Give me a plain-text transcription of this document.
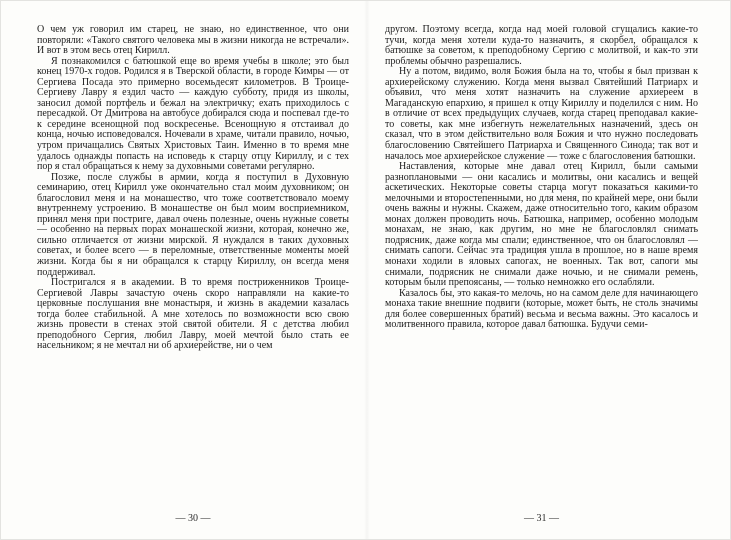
О чем уж говорил им старец, не знаю, но единственное, что они повторяли: «Такого святого человека мы в жизни никогда не встречали». И вот в этом весь отец Кирилл.

Я познакомился с батюшкой еще во время учебы в школе; это был конец 1970-х годов. Родился я в Тверской области, в городе Кимры — от Сергиева Посада это примерно восемьдесят километров. В Троице-Сергиеву Лавру я ездил часто — каждую субботу, придя из школы, заносил домой портфель и бежал на электричку; ехать приходилось с пересадкой. От Дмитрова на автобусе добирался сюда и поспевал где-то к середине всенощной под воскресенье. Всенощную я отстаивал до конца, ночью исповедовался. Ночевали в храме, читали правило, ночью, утром причащались Святых Христовых Таин. Именно в то время мне удалось однажды попасть на исповедь к старцу отцу Кириллу, и с тех пор я стал обращаться к нему за духовными советами регулярно.

Позже, после службы в армии, когда я поступил в Духовную семинарию, отец Кирилл уже окончательно стал моим духовником; он благословил меня и на монашество, что тоже соответствовало моему внутреннему устроению. В монашестве он был моим восприемником, принял меня при постриге, давал очень полезные, очень нужные советы — особенно на первых порах монашеской жизни, которая, конечно же, сильно отличается от жизни мирской. Я нуждался в таких духовных советах, и более всего — в переломные, ответственные моменты моей жизни. Когда бы я ни обращался к старцу Кириллу, он всегда меня поддерживал.

Постригался я в академии. В то время постриженников Троице-Сергиевой Лавры зачастую очень скоро направляли на какие-то церковные послушания вне монастыря, и жизнь в академии казалась тогда более стабильной. А мне хотелось по возможности всю свою жизнь провести в стенах этой святой обители. Я с детства любил преподобного Сергия, любил Лавру, моей мечтой было стать ее насельником; я не мечтал ни об архиерействе, ни о чем

— 30 —

другом. Поэтому всегда, когда над моей головой сгущались какие-то тучи, когда меня хотели куда-то назначить, я скорбел, обращался к батюшке за советом, к преподобному Сергию с молитвой, и как-то эти проблемы обычно разрешались.

Ну а потом, видимо, воля Божия была на то, чтобы я был призван к архиерейскому служению. Когда меня вызвал Святейший Патриарх и объявил, что меня хотят назначить на служение архиереем в Магаданскую епархию, я пришел к отцу Кириллу и поделился с ним. Но в отличие от всех предыдущих случаев, когда старец преподавал какие-то советы, как мне избегнуть нежелательных назначений, здесь он сказал, что в этом действительно воля Божия и что нужно последовать благословению Святейшего Патриарха и Священного Синода; так вот и началось мое архиерейское служение — тоже с благословения батюшки.

Наставления, которые мне давал отец Кирилл, были самыми разноплановыми — они касались и молитвы, они касались и вещей аскетических. Некоторые советы старца могут показаться какими-то мелочными и второстепенными, но для меня, по крайней мере, они были очень важны и нужны. Скажем, даже относительно того, каким образом монах должен проводить ночь. Батюшка, например, особенно молодым монахам, не знаю, как другим, но мне не благословлял снимать подрясник, даже когда мы спали; единственное, что он благословлял — снимать сапоги. Сейчас эта традиция ушла в прошлое, но в наше время монахи ходили в яловых сапогах, не военных. Так вот, сапоги мы снимали, подрясник не снимали даже ночью, и не снимали ремень, которым были препоясаны, — только немножко его ослабляли.

Казалось бы, это какая-то мелочь, но на самом деле для начинающего монаха такие внешние подвиги (которые, может быть, не столь значимы для более совершенных братий) весьма и весьма важны. Это касалось и молитвенного правила, которое давал батюшка. Будучи семи-

— 31 —
